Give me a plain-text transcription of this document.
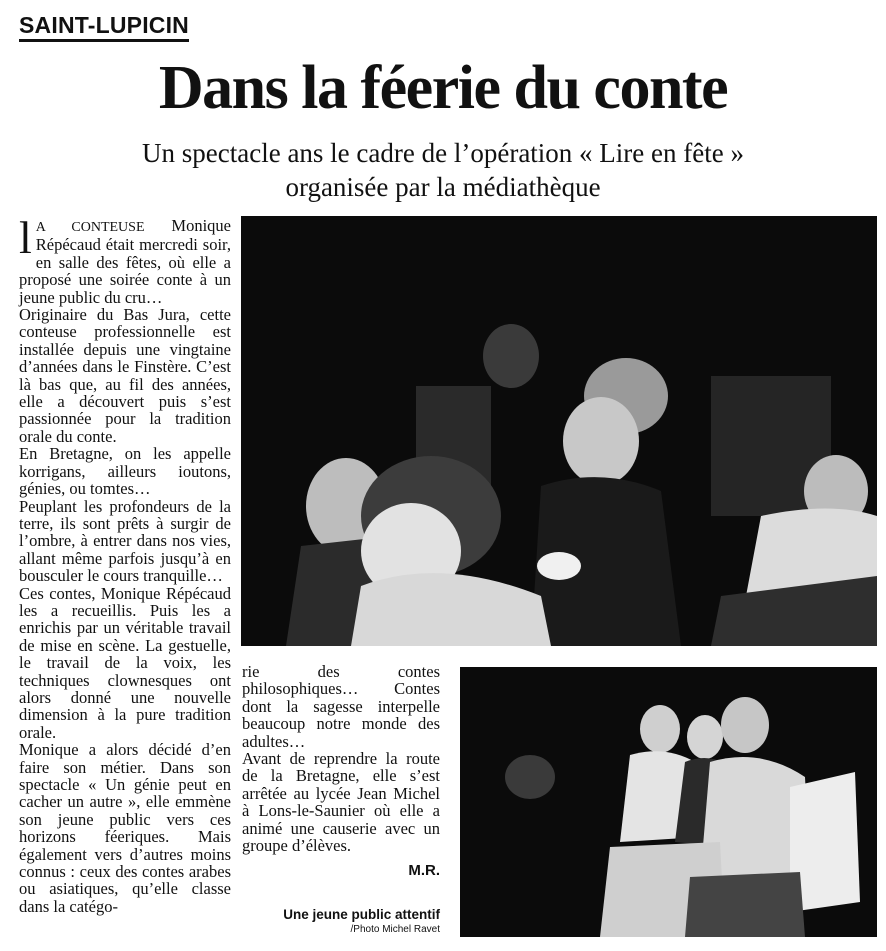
SAINT-LUPICIN
Dans la féerie du conte
Un spectacle ans le cadre de l’opération « Lire en fête »
organisée par la médiathèque

l A CONTEUSE Monique Répécaud était mercredi soir, en salle des fêtes, où elle a proposé une soirée conte à un jeune public du cru…

Originaire du Bas Jura, cette conteuse professionnelle est installée depuis une vingtaine d’années dans le Finstère. C’est là bas que, au fil des années, elle a découvert puis s’est passionnée pour la tradition orale du conte.

En Bretagne, on les appelle korrigans, ailleurs ioutons, génies, ou tomtes…

Peuplant les profondeurs de la terre, ils sont prêts à surgir de l’ombre, à entrer dans nos vies, allant même parfois jusqu’à en bousculer le cours tranquille…

Ces contes, Monique Répécaud les a recueillis. Puis les a enrichis par un véritable travail de mise en scène. La gestuelle, le travail de la voix, les techniques clownesques ont alors donné une nouvelle dimension à la pure tradition orale.

Monique a alors décidé d’en faire son métier. Dans son spectacle « Un génie peut en cacher un autre », elle emmène son jeune public vers ces horizons féeriques. Mais également vers d’autres moins connus : ceux des contes arabes ou asiatiques, qu’elle classe dans la catégo-

rie des contes philosophiques… Contes dont la sagesse interpelle beaucoup notre monde des adultes…

Avant de reprendre la route de la Bretagne, elle s’est arrêtée au lycée Jean Michel à Lons-le-Saunier où elle a animé une causerie avec un groupe d’élèves.

M.R.
Une jeune public attentif
/Photo Michel Ravet
